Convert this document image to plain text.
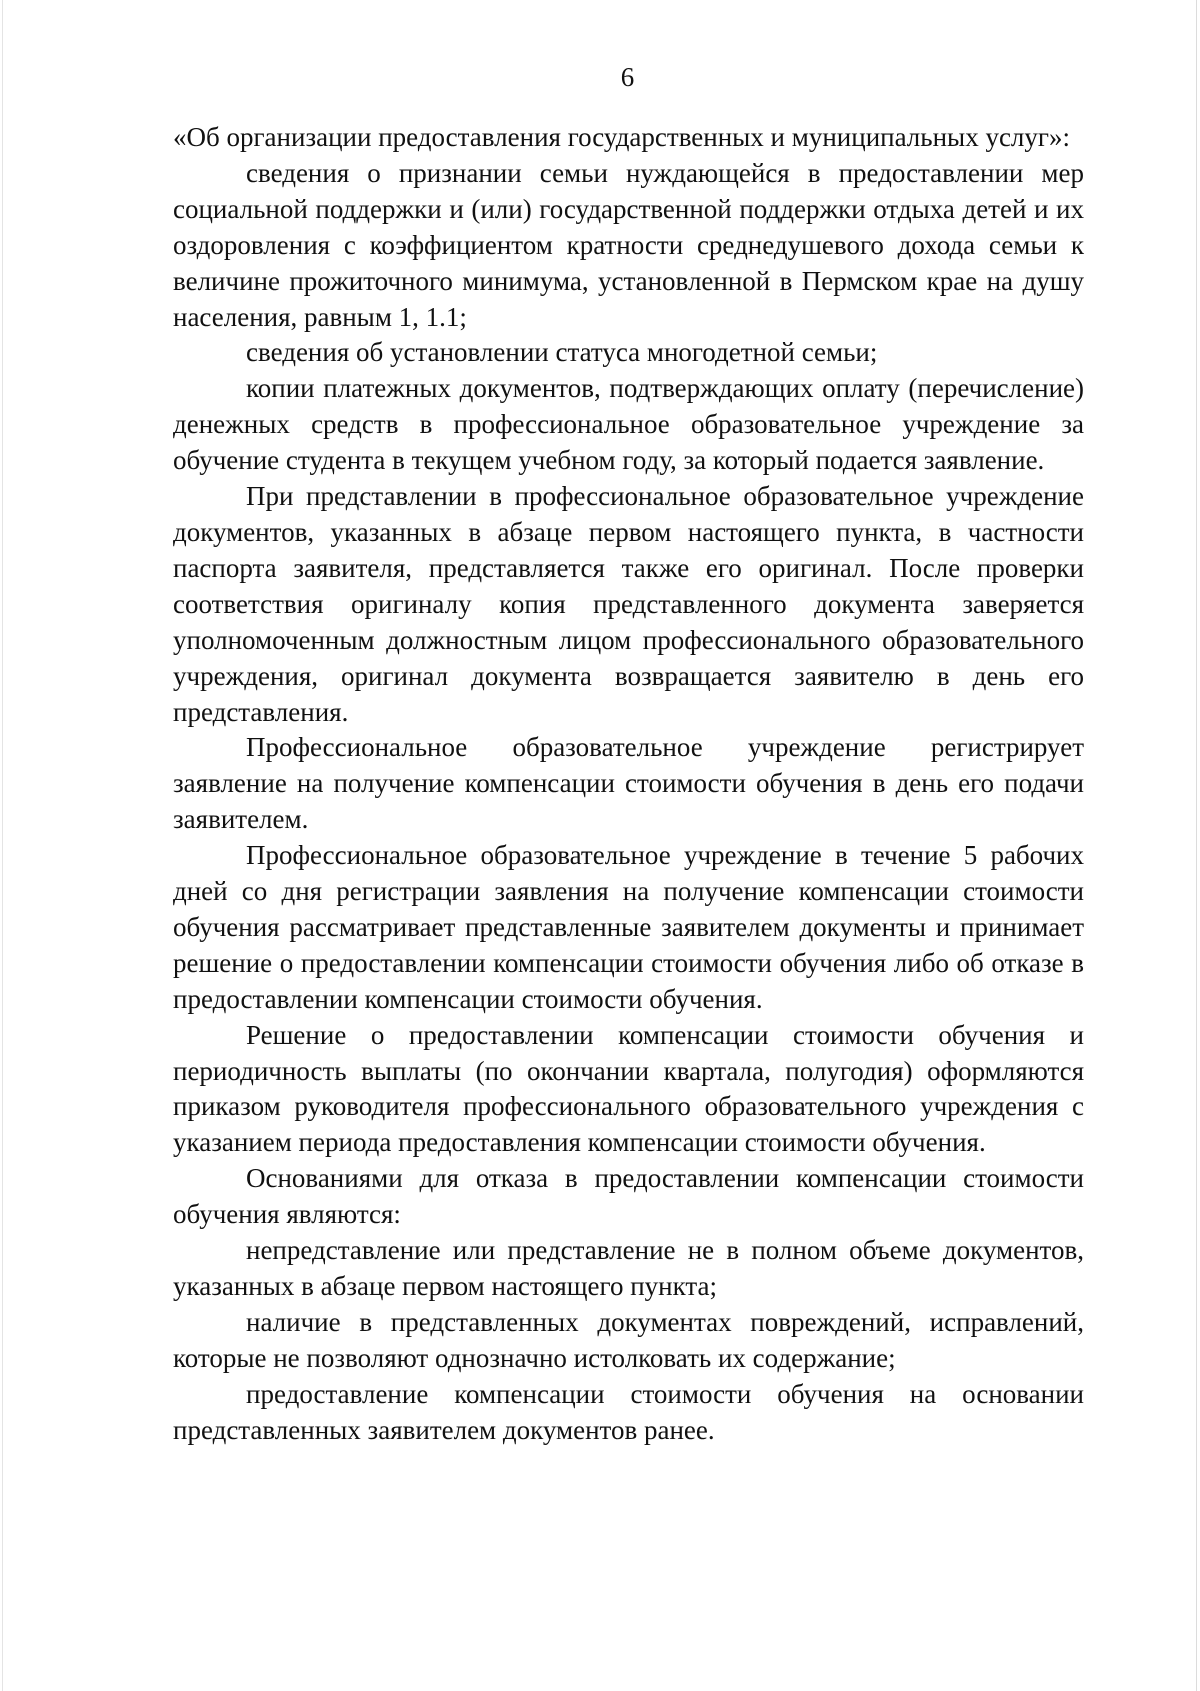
6

«Об организации предоставления государственных и муниципальных услуг»:

сведения о признании семьи нуждающейся в предоставлении мер социальной поддержки и (или) государственной поддержки отдыха детей и их оздоровления с коэффициентом кратности среднедушевого дохода семьи к величине прожиточного минимума, установленной в Пермском крае на душу населения, равным 1, 1.1;

сведения об установлении статуса многодетной семьи;

копии платежных документов, подтверждающих оплату (перечисление) денежных средств в профессиональное образовательное учреждение за обучение студента в текущем учебном году, за который подается заявление.

При представлении в профессиональное образовательное учреждение документов, указанных в абзаце первом настоящего пункта, в частности паспорта заявителя, представляется также его оригинал. После проверки соответствия оригиналу копия представленного документа заверяется уполномоченным должностным лицом профессионального образовательного учреждения, оригинал документа возвращается заявителю в день его представления.

Профессиональное образовательное учреждение регистрирует заявление на получение компенсации стоимости обучения в день его подачи заявителем.

Профессиональное образовательное учреждение в течение 5 рабочих дней со дня регистрации заявления на получение компенсации стоимости обучения рассматривает представленные заявителем документы и принимает решение о предоставлении компенсации стоимости обучения либо об отказе в предоставлении компенсации стоимости обучения.

Решение о предоставлении компенсации стоимости обучения и периодичность выплаты (по окончании квартала, полугодия) оформляются приказом руководителя профессионального образовательного учреждения с указанием периода предоставления компенсации стоимости обучения.

Основаниями для отказа в предоставлении компенсации стоимости обучения являются:

непредставление или представление не в полном объеме документов, указанных в абзаце первом настоящего пункта;

наличие в представленных документах повреждений, исправлений, которые не позволяют однозначно истолковать их содержание;

предоставление компенсации стоимости обучения на основании представленных заявителем документов ранее.
